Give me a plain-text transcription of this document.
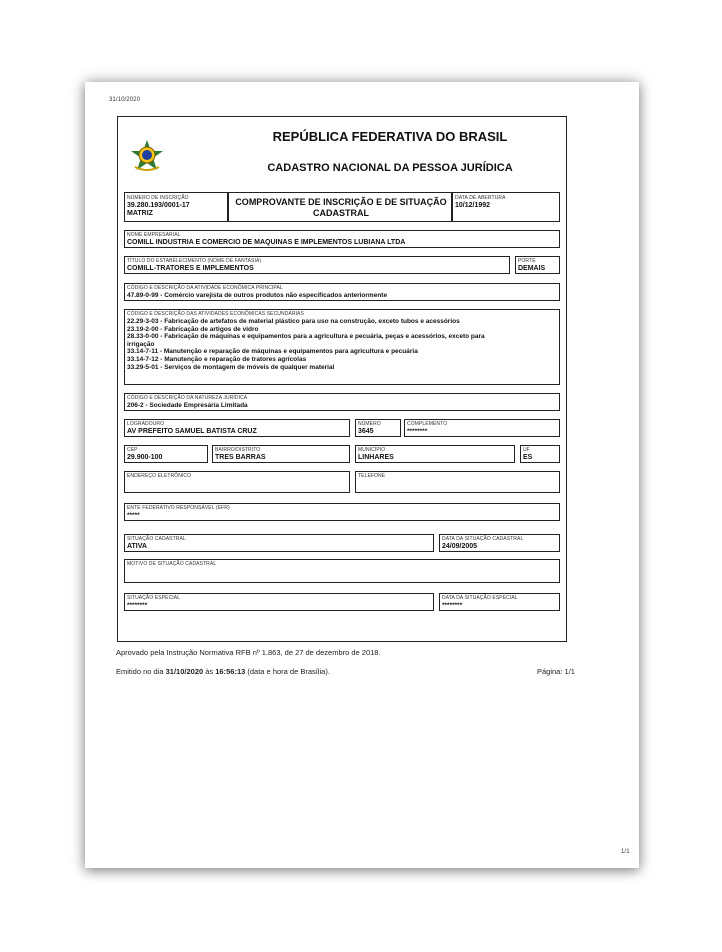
31/10/2020
REPÚBLICA FEDERATIVA DO BRASIL
CADASTRO NACIONAL DA PESSOA JURÍDICA
NÚMERO DE INSCRIÇÃO
39.280.193/0001-17
MATRIZ
COMPROVANTE DE INSCRIÇÃO E DE SITUAÇÃO CADASTRAL
DATA DE ABERTURA
10/12/1992
NOME EMPRESARIAL
COMILL INDUSTRIA E COMERCIO DE MAQUINAS E IMPLEMENTOS LUBIANA LTDA
TÍTULO DO ESTABELECIMENTO (NOME DE FANTASIA)
COMILL-TRATORES E IMPLEMENTOS
PORTE
DEMAIS
CÓDIGO E DESCRIÇÃO DA ATIVIDADE ECONÔMICA PRINCIPAL
47.89-0-99 - Comércio varejista de outros produtos não especificados anteriormente
CÓDIGO E DESCRIÇÃO DAS ATIVIDADES ECONÔMICAS SECUNDÁRIAS
22.29-3-03 - Fabricação de artefatos de material plástico para uso na construção, exceto tubos e acessórios
23.19-2-00 - Fabricação de artigos de vidro
28.33-0-00 - Fabricação de máquinas e equipamentos para a agricultura e pecuária, peças e acessórios, exceto para
irrigação
33.14-7-11 - Manutenção e reparação de máquinas e equipamentos para agricultura e pecuária
33.14-7-12 - Manutenção e reparação de tratores agrícolas
33.29-5-01 - Serviços de montagem de móveis de qualquer material
CÓDIGO E DESCRIÇÃO DA NATUREZA JURÍDICA
206-2 - Sociedade Empresária Limitada
LOGRADOURO
AV PREFEITO SAMUEL BATISTA CRUZ
NÚMERO
3645
COMPLEMENTO
********
CEP
29.900-100
BAIRRO/DISTRITO
TRES BARRAS
MUNICÍPIO
LINHARES
UF
ES
ENDEREÇO ELETRÔNICO	TELEFONE
ENTE FEDERATIVO RESPONSÁVEL (EFR)
*****
SITUAÇÃO CADASTRAL
ATIVA
DATA DA SITUAÇÃO CADASTRAL
24/09/2005
MOTIVO DE SITUAÇÃO CADASTRAL
SITUAÇÃO ESPECIAL
********
DATA DA SITUAÇÃO ESPECIAL
********
Aprovado pela Instrução Normativa RFB nº 1.863, de 27 de dezembro de 2018.
Emitido no dia 31/10/2020 às 16:56:13 (data e hora de Brasília).	Página: 1/1
1/1
